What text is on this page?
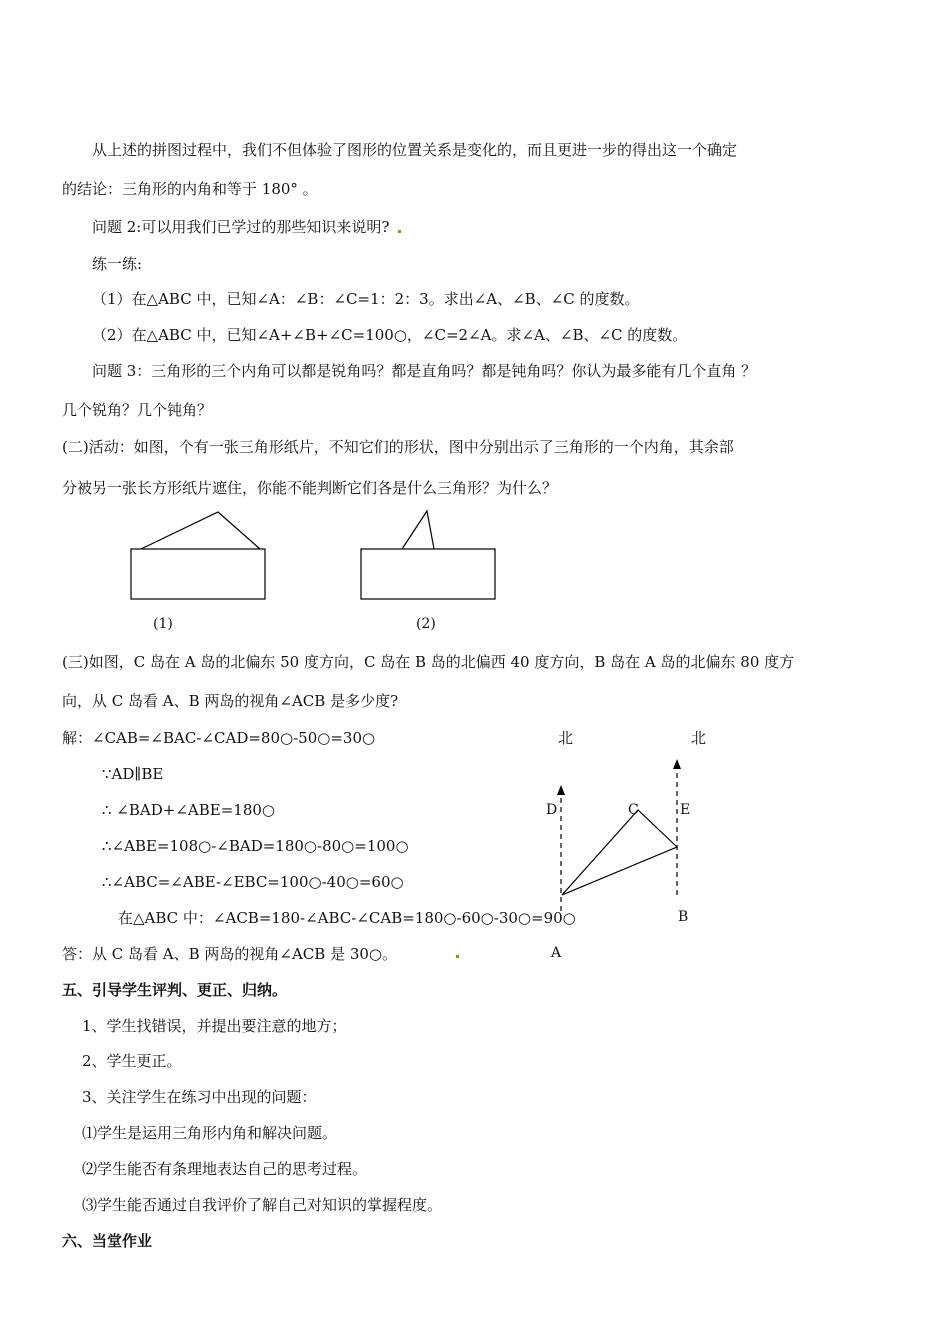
从上述的拼图过程中，我们不但体验了图形的位置关系是变化的，而且更进一步的得出这一个确定
的结论：三角形的内角和等于 180° 。
问题 2:可以用我们已学过的那些知识来说明?
练一练:
（1）在△ABC 中，已知∠A：∠B：∠C=1：2：3。求出∠A、∠B、∠C 的度数。
（2）在△ABC 中，已知∠A+∠B+∠C=100○，∠C=2∠A。求∠A、∠B、∠C 的度数。
问题 3：三角形的三个内角可以都是锐角吗？都是直角吗？都是钝角吗？你认为最多能有几个直角 ？
几个锐角？几个钝角？
(二)活动：如图，个有一张三角形纸片，不知它们的形状，图中分别出示了三角形的一个内角，其余部
分被另一张长方形纸片遮住，你能不能判断它们各是什么三角形？为什么？
(1)	(2)
(三)如图，C 岛在 A 岛的北偏东 50 度方向，C 岛在 B 岛的北偏西 40 度方向，B 岛在 A 岛的北偏东 80 度方
向，从 C 岛看 A、B 两岛的视角∠ACB 是多少度?
解：∠CAB=∠BAC-∠CAD=80○-50○=30○
∵AD∥BE
∴ ∠BAD+∠ABE=180○
∴∠ABE=108○-∠BAD=180○-80○=100○
∴∠ABC=∠ABE-∠EBC=100○-40○=60○
在△ABC 中：∠ACB=180-∠ABC-∠CAB=180○-60○-30○=90○
答：从 C 岛看 A、B 两岛的视角∠ACB 是 30○。
北	北
D	C	E
B
A
五、引导学生评判、更正、归纳。
1、学生找错误，并提出要注意的地方；
2、学生更正。
3、关注学生在练习中出现的问题：
⑴学生是运用三角形内角和解决问题。
⑵学生能否有条理地表达自己的思考过程。
⑶学生能否通过自我评价了解自己对知识的掌握程度。
六、当堂作业
